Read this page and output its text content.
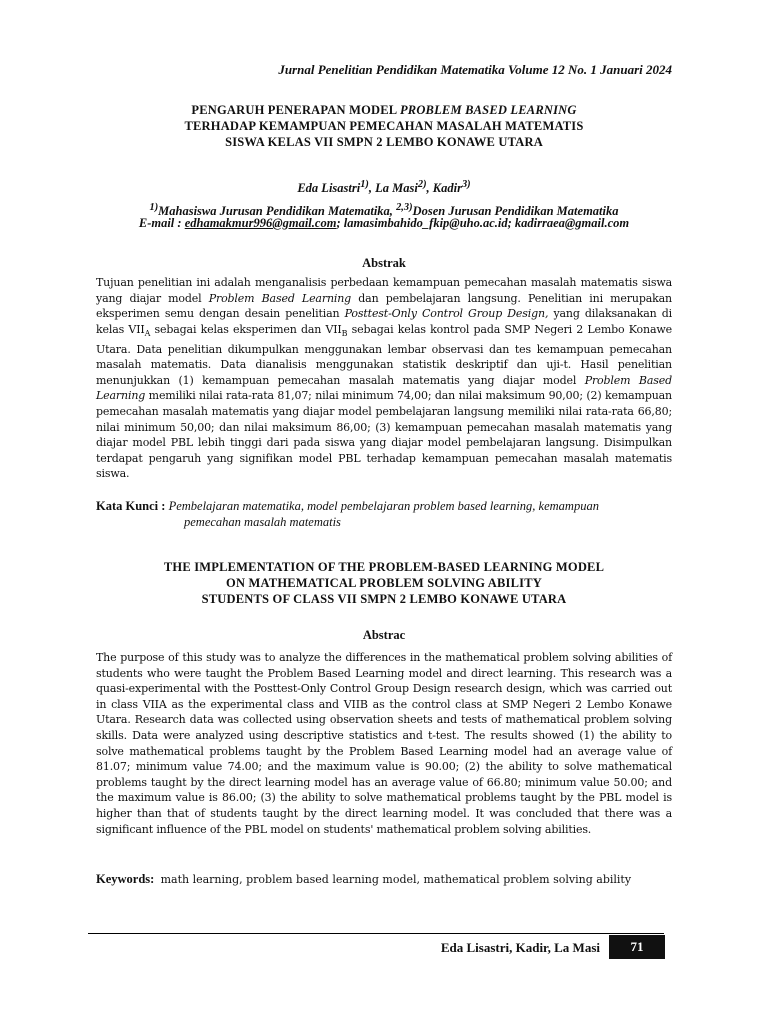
Jurnal Penelitian Pendidikan Matematika Volume 12 No. 1 Januari 2024
PENGARUH PENERAPAN MODEL PROBLEM BASED LEARNING
TERHADAP KEMAMPUAN PEMECAHAN MASALAH MATEMATIS
SISWA KELAS VII SMPN 2 LEMBO KONAWE UTARA
Eda Lisastri$^{1)}$, La Masi$^{2)}$, Kadir$^{3)}$
$^{1)}$Mahasiswa Jurusan Pendidikan Matematika, $^{2,3)}$Dosen Jurusan Pendidikan Matematika
E-mail : edhamakmur996@gmail.com; lamasimbahido_fkip@uho.ac.id; kadirraea@gmail.com
Abstrak
Tujuan penelitian ini adalah menganalisis perbedaan kemampuan pemecahan masalah matematis siswa yang diajar model Problem Based Learning dan pembelajaran langsung. Penelitian ini merupakan eksperimen semu dengan desain penelitian Posttest-Only Control Group Design, yang dilaksanakan di kelas $VII_A$ sebagai kelas eksperimen dan $VII_B$ sebagai kelas kontrol pada SMP Negeri 2 Lembo Konawe Utara. Data penelitian dikumpulkan menggunakan lembar observasi dan tes kemampuan pemecahan masalah matematis. Data dianalisis menggunakan statistik deskriptif dan uji-t. Hasil penelitian menunjukkan (1) kemampuan pemecahan masalah matematis yang diajar model Problem Based Learning memiliki nilai rata-rata 81,07; nilai minimum 74,00; dan nilai maksimum 90,00; (2) kemampuan pemecahan masalah matematis yang diajar model pembelajaran langsung memiliki nilai rata-rata 66,80; nilai minimum 50,00; dan nilai maksimum 86,00; (3) kemampuan pemecahan masalah matematis yang diajar model PBL lebih tinggi dari pada siswa yang diajar model pembelajaran langsung. Disimpulkan terdapat pengaruh yang signifikan model PBL terhadap kemampuan pemecahan masalah matematis siswa.
Kata Kunci : Pembelajaran matematika, model pembelajaran problem based learning, kemampuan
pemecahan masalah matematis
THE IMPLEMENTATION OF THE PROBLEM-BASED LEARNING MODEL
ON MATHEMATICAL PROBLEM SOLVING ABILITY
STUDENTS OF CLASS VII SMPN 2 LEMBO KONAWE UTARA
Abstrac
The purpose of this study was to analyze the differences in the mathematical problem solving abilities of students who were taught the Problem Based Learning model and direct learning. This research was a quasi-experimental with the Posttest-Only Control Group Design research design, which was carried out in class VIIA as the experimental class and VIIB as the control class at SMP Negeri 2 Lembo Konawe Utara. Research data was collected using observation sheets and tests of mathematical problem solving skills. Data were analyzed using descriptive statistics and t-test. The results showed (1) the ability to solve mathematical problems taught by the Problem Based Learning model had an average value of 81.07; minimum value 74.00; and the maximum value is 90.00; (2) the ability to solve mathematical problems taught by the direct learning model has an average value of 66.80; minimum value 50.00; and the maximum value is 86.00; (3) the ability to solve mathematical problems taught by the PBL model is higher than that of students taught by the direct learning model. It was concluded that there was a significant influence of the PBL model on students' mathematical problem solving abilities.
Keywords: math learning, problem based learning model, mathematical problem solving ability
Eda Lisastri, Kadir, La Masi	71
